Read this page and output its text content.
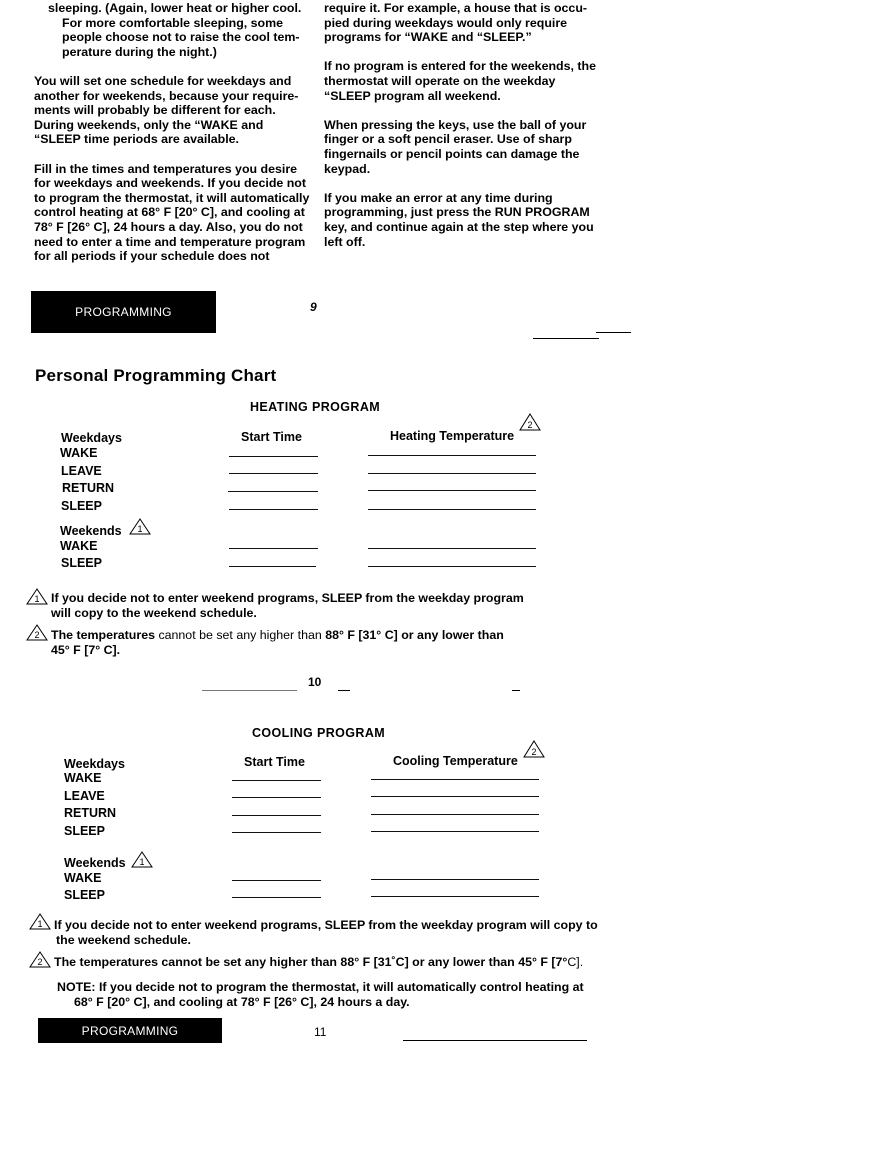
sleeping. (Again, lower heat or higher cool.
For more comfortable sleeping, some
people choose not to raise the cool tem-
perature during the night.)

You will set one schedule for weekdays and
another for weekends, because your require-
ments will probably be different for each.
During weekends, only the “WAKE and
“SLEEP time periods are available.

Fill in the times and temperatures you desire
for weekdays and weekends. If you decide not
to program the thermostat, it will automatically
control heating at 68° F [20° C], and cooling at
78° F [26° C], 24 hours a day. Also, you do not
need to enter a time and temperature program
for all periods if your schedule does not

require it. For example, a house that is occu-
pied during weekdays would only require
programs for “WAKE and “SLEEP.”

If no program is entered for the weekends, the
thermostat will operate on the weekday
“SLEEP program all weekend.

When pressing the keys, use the ball of your
finger or a soft pencil eraser. Use of sharp
fingernails or pencil points can damage the
keypad.

If you make an error at any time during
programming, just press the RUN PROGRAM
key, and continue again at the step where you
left off.

PROGRAMMING	9
Personal Programming Chart
HEATING PROGRAM
Weekdays	Start Time	Heating Temperature
2
WAKE
LEAVE
RETURN
SLEEP
Weekends 1
WAKE
SLEEP
1 If you decide not to enter weekend programs, SLEEP from the weekday program
will copy to the weekend schedule.
2 The temperatures cannot be set any higher than 88° F [31° C] or any lower than
45° F [7° C].
10
COOLING PROGRAM
Weekdays	Start Time	Cooling Temperature
2
WAKE
LEAVE
RETURN
SLEEP
Weekends 1
WAKE
SLEEP
1 If you decide not to enter weekend programs, SLEEP from the weekday program will copy to
the weekend schedule.
2 The temperatures cannot be set any higher than 88° F [31˚C] or any lower than 45° F [7°C].
NOTE: If you decide not to program the thermostat, it will automatically control heating at
68° F [20° C], and cooling at 78° F [26° C], 24 hours a day.
PROGRAMMING	11
